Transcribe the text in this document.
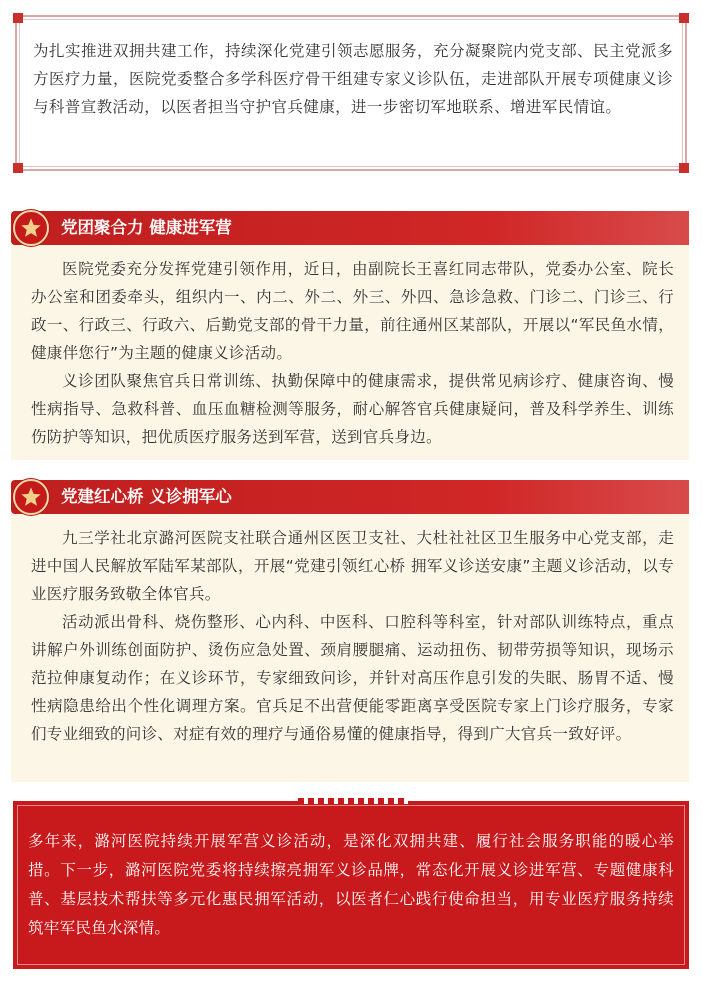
为扎实推进双拥共建工作，持续深化党建引领志愿服务，充分凝聚院内党支部、民主党派多方医疗力量，医院党委整合多学科医疗骨干组建专家义诊队伍，走进部队开展专项健康义诊与科普宣教活动，以医者担当守护官兵健康，进一步密切军地联系、增进军民情谊。
党团聚合力 健康进军营

医院党委充分发挥党建引领作用，近日，由副院长王喜红同志带队，党委办公室、院长办公室和团委牵头，组织内一、内二、外二、外三、外四、急诊急救、门诊二、门诊三、行政一、行政三、行政六、后勤党支部的骨干力量，前往通州区某部队，开展以“军民鱼水情，健康伴您行”为主题的健康义诊活动。

义诊团队聚焦官兵日常训练、执勤保障中的健康需求，提供常见病诊疗、健康咨询、慢性病指导、急救科普、血压血糖检测等服务，耐心解答官兵健康疑问，普及科学养生、训练伤防护等知识，把优质医疗服务送到军营，送到官兵身边。

党建红心桥 义诊拥军心

九三学社北京潞河医院支社联合通州区医卫支社、大杜社社区卫生服务中心党支部，走进中国人民解放军陆军某部队，开展“党建引领红心桥 拥军义诊送安康”主题义诊活动，以专业医疗服务致敬全体官兵。

活动派出骨科、烧伤整形、心内科、中医科、口腔科等科室，针对部队训练特点，重点讲解户外训练创面防护、烫伤应急处置、颈肩腰腿痛、运动扭伤、韧带劳损等知识，现场示范拉伸康复动作；在义诊环节，专家细致问诊，并针对高压作息引发的失眠、肠胃不适、慢性病隐患给出个性化调理方案。官兵足不出营便能零距离享受医院专家上门诊疗服务，专家们专业细致的问诊、对症有效的理疗与通俗易懂的健康指导，得到广大官兵一致好评。

多年来，潞河医院持续开展军营义诊活动，是深化双拥共建、履行社会服务职能的暖心举措。下一步，潞河医院党委将持续擦亮拥军义诊品牌，常态化开展义诊进军营、专题健康科普、基层技术帮扶等多元化惠民拥军活动，以医者仁心践行使命担当，用专业医疗服务持续筑牢军民鱼水深情。
